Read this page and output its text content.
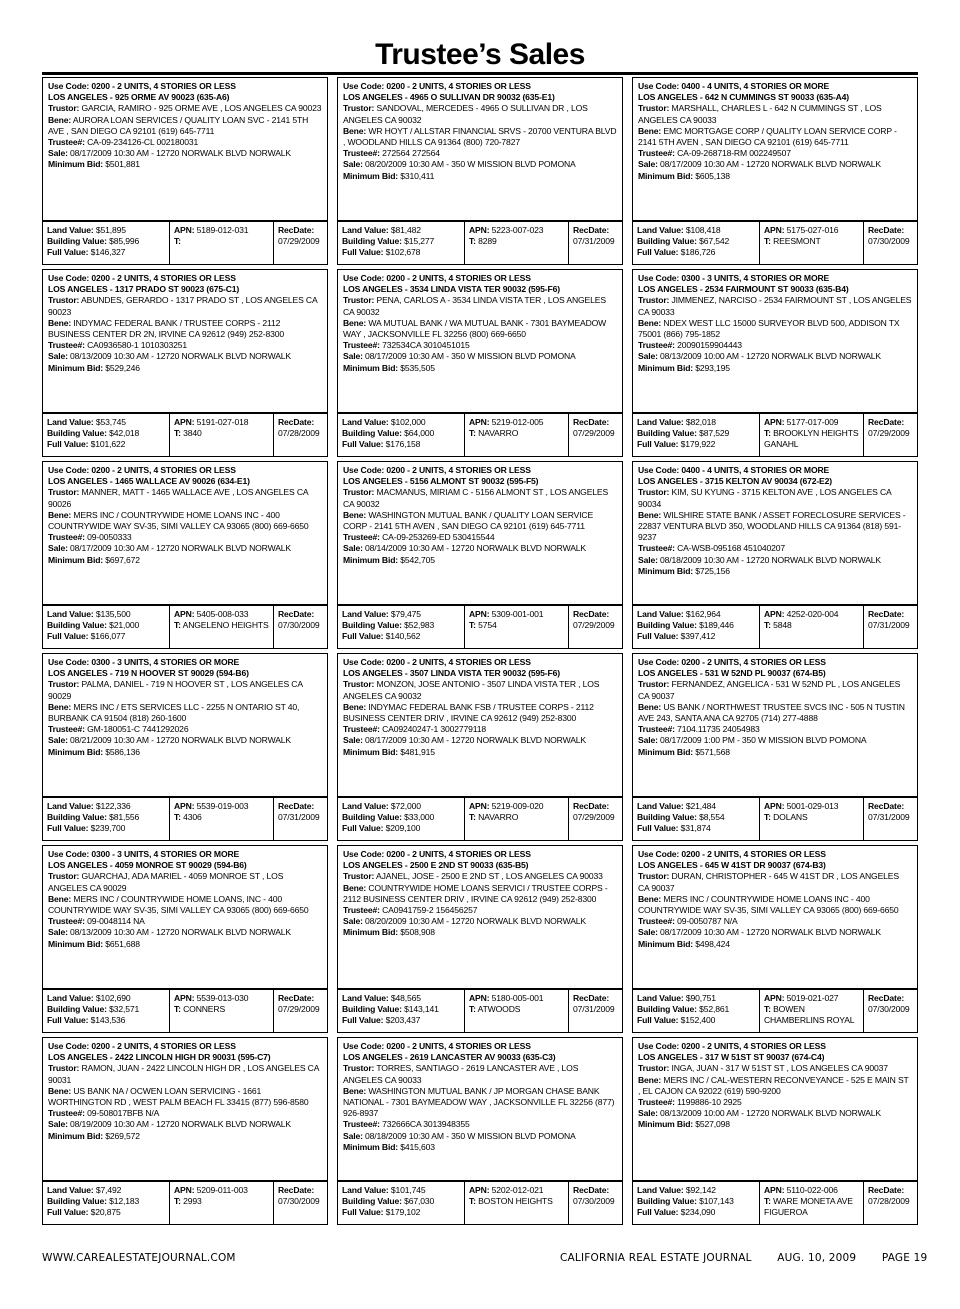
Trustee’s Sales
Use Code: 0200 - 2 UNITS, 4 STORIES OR LESS
LOS ANGELES - 925 ORME AV 90023 (635-A6)
Trustor: GARCIA, RAMIRO - 925 ORME AVE , LOS ANGELES CA 90023
Bene: AURORA LOAN SERVICES / QUALITY LOAN SVC - 2141 5TH AVE , SAN DIEGO CA 92101 (619) 645-7711
Trustee#: CA-09-234126-CL 002180031
Sale: 08/17/2009 10:30 AM - 12720 NORWALK BLVD NORWALK
Minimum Bid: $501,881
Land Value: $51,895
Building Value: $85,996
Full Value: $146,327
APN: 5189-012-031
T:
RecDate:
07/29/2009
Use Code: 0200 - 2 UNITS, 4 STORIES OR LESS
LOS ANGELES - 4965 O SULLIVAN DR 90032 (635-E1)
Trustor: SANDOVAL, MERCEDES - 4965 O SULLIVAN DR , LOS ANGELES CA 90032
Bene: WR HOYT / ALLSTAR FINANCIAL SRVS - 20700 VENTURA BLVD , WOODLAND HILLS CA 91364 (800) 720-7827
Trustee#: 272564 272564
Sale: 08/20/2009 10:30 AM - 350 W MISSION BLVD POMONA
Minimum Bid: $310,411
Land Value: $81,482
Building Value: $15,277
Full Value: $102,678
APN: 5223-007-023
T: 8289
RecDate:
07/31/2009
Use Code: 0400 - 4 UNITS, 4 STORIES OR MORE
LOS ANGELES - 642 N CUMMINGS ST 90033 (635-A4)
Trustor: MARSHALL, CHARLES L - 642 N CUMMINGS ST , LOS ANGELES CA 90033
Bene: EMC MORTGAGE CORP / QUALITY LOAN SERVICE CORP - 2141 5TH AVEN , SAN DIEGO CA 92101 (619) 645-7711
Trustee#: CA-09-268718-RM 002249507
Sale: 08/17/2009 10:30 AM - 12720 NORWALK BLVD NORWALK
Minimum Bid: $605,138
Land Value: $108,418
Building Value: $67,542
Full Value: $186,726
APN: 5175-027-016
T: REESMONT
RecDate:
07/30/2009
Use Code: 0200 - 2 UNITS, 4 STORIES OR LESS
LOS ANGELES - 1317 PRADO ST 90023 (675-C1)
Trustor: ABUNDES, GERARDO - 1317 PRADO ST , LOS ANGELES CA 90023
Bene: INDYMAC FEDERAL BANK / TRUSTEE CORPS - 2112 BUSINESS CENTER DR 2N, IRVINE CA 92612 (949) 252-8300
Trustee#: CA0936580-1 1010303251
Sale: 08/13/2009 10:30 AM - 12720 NORWALK BLVD NORWALK
Minimum Bid: $529,246
Land Value: $53,745
Building Value: $42,018
Full Value: $101,622
APN: 5191-027-018
T: 3840
RecDate:
07/28/2009
Use Code: 0200 - 2 UNITS, 4 STORIES OR LESS
LOS ANGELES - 3534 LINDA VISTA TER 90032 (595-F6)
Trustor: PENA, CARLOS A - 3534 LINDA VISTA TER , LOS ANGELES CA 90032
Bene: WA MUTUAL BANK / WA MUTUAL BANK - 7301 BAYMEADOW WAY , JACKSONVILLE FL 32256 (800) 669-6650
Trustee#: 732534CA 3010451015
Sale: 08/17/2009 10:30 AM - 350 W MISSION BLVD POMONA
Minimum Bid: $535,505
Land Value: $102,000
Building Value: $64,000
Full Value: $176,158
APN: 5219-012-005
T: NAVARRO
RecDate:
07/29/2009
Use Code: 0300 - 3 UNITS, 4 STORIES OR MORE
LOS ANGELES - 2534 FAIRMOUNT ST 90033 (635-B4)
Trustor: JIMMENEZ, NARCISO - 2534 FAIRMOUNT ST , LOS ANGELES CA 90033
Bene: NDEX WEST LLC 15000 SURVEYOR BLVD 500, ADDISON TX 75001 (866) 795-1852
Trustee#: 20090159904443
Sale: 08/13/2009 10:00 AM - 12720 NORWALK BLVD NORWALK
Minimum Bid: $293,195
Land Value: $82,018
Building Value: $87,529
Full Value: $179,922
APN: 5177-017-009
T: BROOKLYN HEIGHTS GANAHL
RecDate:
07/29/2009
Use Code: 0200 - 2 UNITS, 4 STORIES OR LESS
LOS ANGELES - 1465 WALLACE AV 90026 (634-E1)
Trustor: MANNER, MATT - 1465 WALLACE AVE , LOS ANGELES CA 90026
Bene: MERS INC / COUNTRYWIDE HOME LOANS INC - 400 COUNTRYWIDE WAY SV-35, SIMI VALLEY CA 93065 (800) 669-6650
Trustee#: 09-0050333
Sale: 08/17/2009 10:30 AM - 12720 NORWALK BLVD NORWALK
Minimum Bid: $697,672
Land Value: $135,500
Building Value: $21,000
Full Value: $166,077
APN: 5405-008-033
T: ANGELENO HEIGHTS
RecDate:
07/30/2009
Use Code: 0200 - 2 UNITS, 4 STORIES OR LESS
LOS ANGELES - 5156 ALMONT ST 90032 (595-F5)
Trustor: MACMANUS, MIRIAM C - 5156 ALMONT ST , LOS ANGELES CA 90032
Bene: WASHINGTON MUTUAL BANK / QUALITY LOAN SERVICE CORP - 2141 5TH AVEN , SAN DIEGO CA 92101 (619) 645-7711
Trustee#: CA-09-253269-ED 530415544
Sale: 08/14/2009 10:30 AM - 12720 NORWALK BLVD NORWALK
Minimum Bid: $542,705
Land Value: $79,475
Building Value: $52,983
Full Value: $140,562
APN: 5309-001-001
T: 5754
RecDate:
07/29/2009
Use Code: 0400 - 4 UNITS, 4 STORIES OR MORE
LOS ANGELES - 3715 KELTON AV 90034 (672-E2)
Trustor: KIM, SU KYUNG - 3715 KELTON AVE , LOS ANGELES CA 90034
Bene: WILSHIRE STATE BANK / ASSET FORECLOSURE SERVICES - 22837 VENTURA BLVD 350, WOODLAND HILLS CA 91364 (818) 591-9237
Trustee#: CA-WSB-095168 451040207
Sale: 08/18/2009 10:30 AM - 12720 NORWALK BLVD NORWALK
Minimum Bid: $725,156
Land Value: $162,964
Building Value: $189,446
Full Value: $397,412
APN: 4252-020-004
T: 5848
RecDate:
07/31/2009
Use Code: 0300 - 3 UNITS, 4 STORIES OR MORE
LOS ANGELES - 719 N HOOVER ST 90029 (594-B6)
Trustor: PALMA, DANIEL - 719 N HOOVER ST , LOS ANGELES CA 90029
Bene: MERS INC / ETS SERVICES LLC - 2255 N ONTARIO ST 40, BURBANK CA 91504 (818) 260-1600
Trustee#: GM-180051-C 7441292026
Sale: 08/21/2009 10:30 AM - 12720 NORWALK BLVD NORWALK
Minimum Bid: $586,136
Land Value: $122,336
Building Value: $81,556
Full Value: $239,700
APN: 5539-019-003
T: 4306
RecDate:
07/31/2009
Use Code: 0200 - 2 UNITS, 4 STORIES OR LESS
LOS ANGELES - 3507 LINDA VISTA TER 90032 (595-F6)
Trustor: MONZON, JOSE ANTONIO - 3507 LINDA VISTA TER , LOS ANGELES CA 90032
Bene: INDYMAC FEDERAL BANK FSB / TRUSTEE CORPS - 2112 BUSINESS CENTER DRIV , IRVINE CA 92612 (949) 252-8300
Trustee#: CA09240247-1 3002779118
Sale: 08/17/2009 10:30 AM - 12720 NORWALK BLVD NORWALK
Minimum Bid: $481,915
Land Value: $72,000
Building Value: $33,000
Full Value: $209,100
APN: 5219-009-020
T: NAVARRO
RecDate:
07/29/2009
Use Code: 0200 - 2 UNITS, 4 STORIES OR LESS
LOS ANGELES - 531 W 52ND PL 90037 (674-B5)
Trustor: FERNANDEZ, ANGELICA - 531 W 52ND PL , LOS ANGELES CA 90037
Bene: US BANK / NORTHWEST TRUSTEE SVCS INC - 505 N TUSTIN AVE 243, SANTA ANA CA 92705 (714) 277-4888
Trustee#: 7104.11735 24054983
Sale: 08/17/2009 1:00 PM - 350 W MISSION BLVD POMONA
Minimum Bid: $571,568
Land Value: $21,484
Building Value: $8,554
Full Value: $31,874
APN: 5001-029-013
T: DOLANS
RecDate:
07/31/2009
Use Code: 0300 - 3 UNITS, 4 STORIES OR MORE
LOS ANGELES - 4059 MONROE ST 90029 (594-B6)
Trustor: GUARCHAJ, ADA MARIEL - 4059 MONROE ST , LOS ANGELES CA 90029
Bene: MERS INC / COUNTRYWIDE HOME LOANS, INC - 400 COUNTRYWIDE WAY SV-35, SIMI VALLEY CA 93065 (800) 669-6650
Trustee#: 09-0048114 NA
Sale: 08/13/2009 10:30 AM - 12720 NORWALK BLVD NORWALK
Minimum Bid: $651,688
Land Value: $102,690
Building Value: $32,571
Full Value: $143,536
APN: 5539-013-030
T: CONNERS
RecDate:
07/29/2009
Use Code: 0200 - 2 UNITS, 4 STORIES OR LESS
LOS ANGELES - 2500 E 2ND ST 90033 (635-B5)
Trustor: AJANEL, JOSE - 2500 E 2ND ST , LOS ANGELES CA 90033
Bene: COUNTRYWIDE HOME LOANS SERVICI / TRUSTEE CORPS - 2112 BUSINESS CENTER DRIV , IRVINE CA 92612 (949) 252-8300
Trustee#: CA0941759-2 156456257
Sale: 08/20/2009 10:30 AM - 12720 NORWALK BLVD NORWALK
Minimum Bid: $508,908
Land Value: $48,565
Building Value: $143,141
Full Value: $203,437
APN: 5180-005-001
T: ATWOODS
RecDate:
07/31/2009
Use Code: 0200 - 2 UNITS, 4 STORIES OR LESS
LOS ANGELES - 645 W 41ST DR 90037 (674-B3)
Trustor: DURAN, CHRISTOPHER - 645 W 41ST DR , LOS ANGELES CA 90037
Bene: MERS INC / COUNTRYWIDE HOME LOANS INC - 400 COUNTRYWIDE WAY SV-35, SIMI VALLEY CA 93065 (800) 669-6650
Trustee#: 09-0050787 N/A
Sale: 08/17/2009 10:30 AM - 12720 NORWALK BLVD NORWALK
Minimum Bid: $498,424
Land Value: $90,751
Building Value: $52,861
Full Value: $152,400
APN: 5019-021-027
T: BOWEN CHAMBERLINS ROYAL
RecDate:
07/30/2009
Use Code: 0200 - 2 UNITS, 4 STORIES OR LESS
LOS ANGELES - 2422 LINCOLN HIGH DR 90031 (595-C7)
Trustor: RAMON, JUAN - 2422 LINCOLN HIGH DR , LOS ANGELES CA 90031
Bene: US BANK NA / OCWEN LOAN SERVICING - 1661 WORTHINGTON RD , WEST PALM BEACH FL 33415 (877) 596-8580
Trustee#: 09-508017BFB N/A
Sale: 08/19/2009 10:30 AM - 12720 NORWALK BLVD NORWALK
Minimum Bid: $269,572
Land Value: $7,492
Building Value: $12,183
Full Value: $20,875
APN: 5209-011-003
T: 2993
RecDate:
07/30/2009
Use Code: 0200 - 2 UNITS, 4 STORIES OR LESS
LOS ANGELES - 2619 LANCASTER AV 90033 (635-C3)
Trustor: TORRES, SANTIAGO - 2619 LANCASTER AVE , LOS ANGELES CA 90033
Bene: WASHINGTON MUTUAL BANK / JP MORGAN CHASE BANK NATIONAL - 7301 BAYMEADOW WAY , JACKSONVILLE FL 32256 (877) 926-8937
Trustee#: 732666CA 3013948355
Sale: 08/18/2009 10:30 AM - 350 W MISSION BLVD POMONA
Minimum Bid: $415,603
Land Value: $101,745
Building Value: $67,030
Full Value: $179,102
APN: 5202-012-021
T: BOSTON HEIGHTS
RecDate:
07/30/2009
Use Code: 0200 - 2 UNITS, 4 STORIES OR LESS
LOS ANGELES - 317 W 51ST ST 90037 (674-C4)
Trustor: INGA, JUAN - 317 W 51ST ST , LOS ANGELES CA 90037
Bene: MERS INC / CAL-WESTERN RECONVEYANCE - 525 E MAIN ST , EL CAJON CA 92022 (619) 590-9200
Trustee#: 1199886-10 2925
Sale: 08/13/2009 10:00 AM - 12720 NORWALK BLVD NORWALK
Minimum Bid: $527,098
Land Value: $92,142
Building Value: $107,143
Full Value: $234,090
APN: 5110-022-006
T: WARE MONETA AVE FIGUEROA
RecDate:
07/28/2009
WWW.CAREALESTATEJOURNAL.COM	CALIFORNIA REAL ESTATE JOURNAL AUG. 10, 2009 PAGE 19
